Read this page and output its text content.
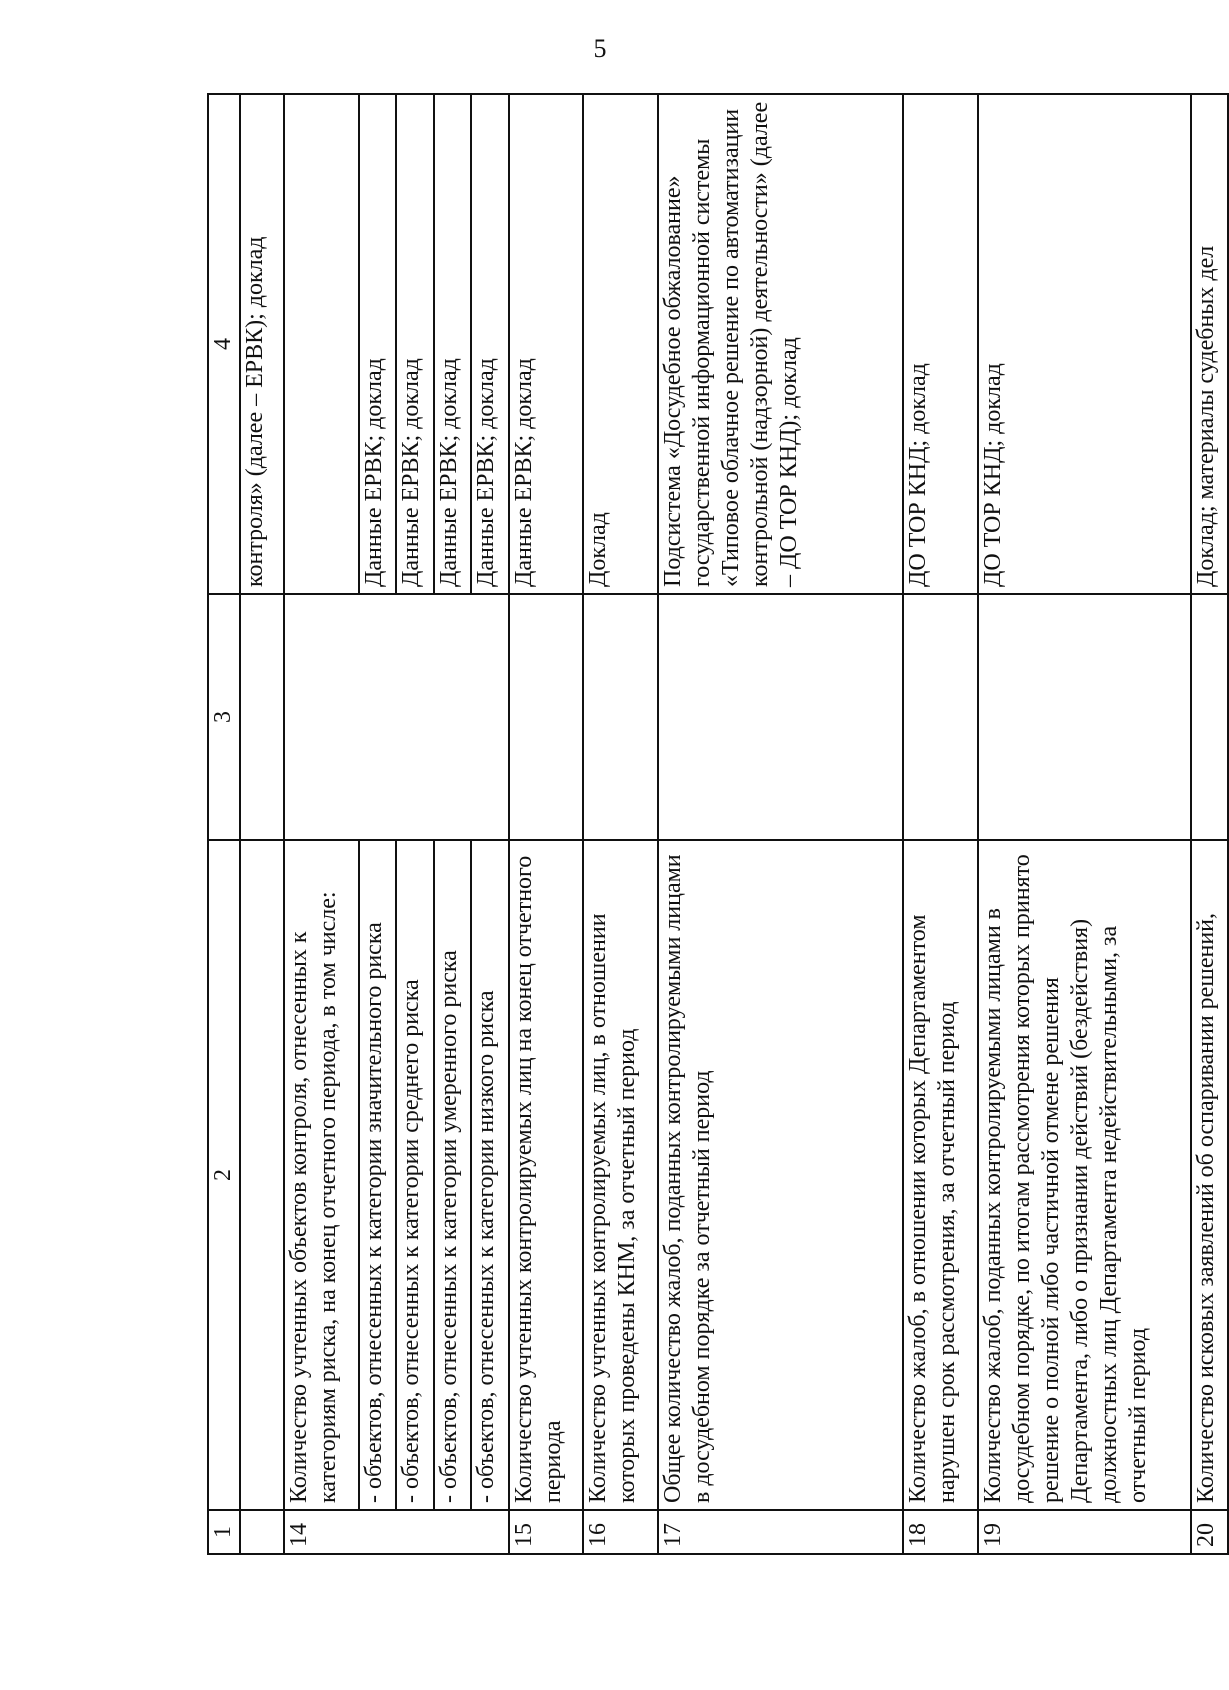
5
1	2	3	4
			контроля» (далее – ЕРВК); доклад
14	Количество учтенных объектов контроля, отнесенных к категориям риска, на конец отчетного периода, в том числе:		
	- объектов, отнесенных к категории значительного риска		Данные ЕРВК; доклад
	- объектов, отнесенных к категории среднего риска		Данные ЕРВК; доклад
	- объектов, отнесенных к категории умеренного риска		Данные ЕРВК; доклад
	- объектов, отнесенных к категории низкого риска		Данные ЕРВК; доклад
15	Количество учтенных контролируемых лиц на конец отчетного периода		Данные ЕРВК; доклад
16	Количество учтенных контролируемых лиц, в отношении которых проведены КНМ, за отчетный период		Доклад
17	Общее количество жалоб, поданных контролируемыми лицами в досудебном порядке за отчетный период		Подсистема «Досудебное обжалование» государственной информационной системы «Типовое облачное решение по автоматизации контрольной (надзорной) деятельности» (далее – ДО ТОР КНД); доклад
18	Количество жалоб, в отношении которых Департаментом нарушен срок рассмотрения, за отчетный период		ДО ТОР КНД; доклад
19	Количество жалоб, поданных контролируемыми лицами в досудебном порядке, по итогам рассмотрения которых принято решение о полной либо частичной отмене решения Департамента, либо о признании действий (бездействия) должностных лиц Департамента недействительными, за отчетный период		ДО ТОР КНД; доклад
20	Количество исковых заявлений об оспаривании решений,		Доклад; материалы судебных дел
